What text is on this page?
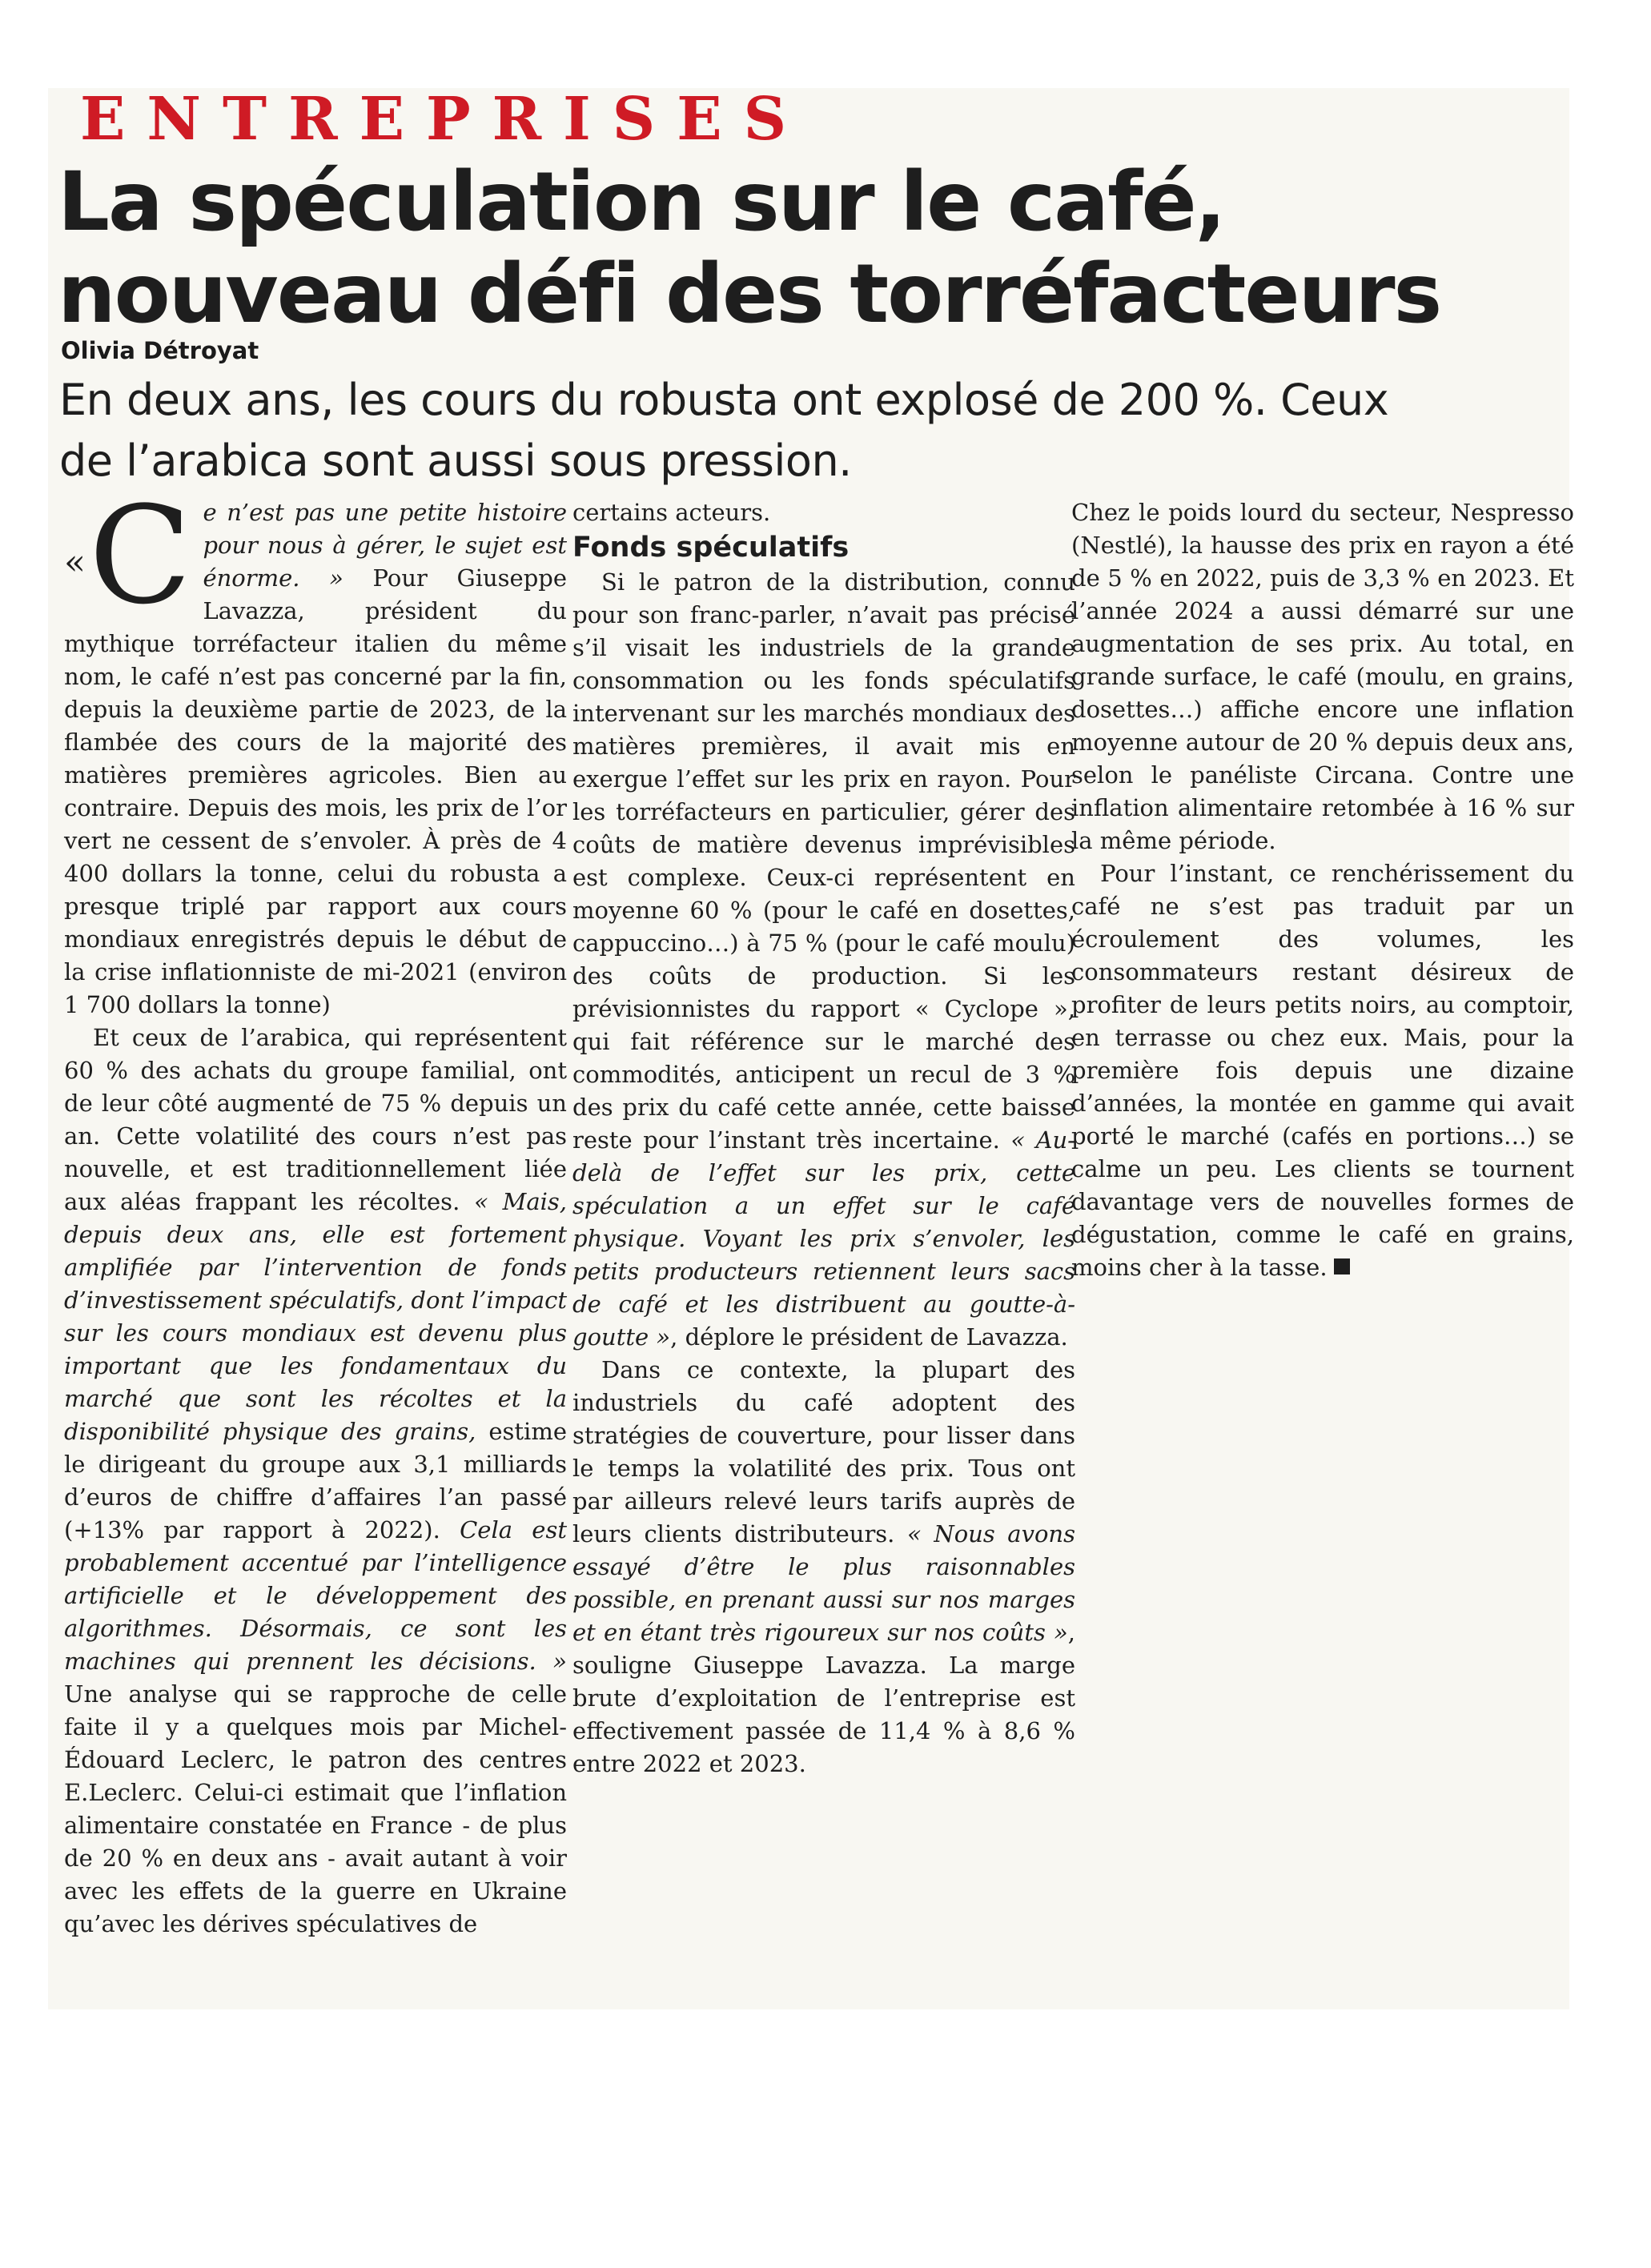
ENTREPRISES
La spéculation sur le café,
nouveau défi des torréfacteurs
Olivia Détroyat
En deux ans, les cours du robusta ont explosé de 200 %. Ceux
de l’arabica sont aussi sous pression.

« C e n’est pas une petite histoire pour nous à gérer, le sujet est énorme. » Pour Giuseppe Lavazza, président du mythique torréfacteur italien du même nom, le café n’est pas concerné par la fin, depuis la deuxième partie de 2023, de la flambée des cours de la majorité des matières premières agricoles. Bien au contraire. Depuis des mois, les prix de l’or vert ne cessent de s’envoler. À près de 4 400 dollars la tonne, celui du robusta a presque triplé par rapport aux cours mondiaux enregistrés depuis le début de la crise inflationniste de mi-2021 (environ 1 700 dollars la tonne)

Et ceux de l’arabica, qui représentent 60 % des achats du groupe familial, ont de leur côté augmenté de 75 % depuis un an. Cette volatilité des cours n’est pas nouvelle, et est traditionnellement liée aux aléas frappant les récoltes. « Mais, depuis deux ans, elle est fortement amplifiée par l’intervention de fonds d’investissement spéculatifs, dont l’impact sur les cours mondiaux est devenu plus important que les fondamentaux du marché que sont les récoltes et la disponibilité physique des grains, estime le dirigeant du groupe aux 3,1 milliards d’euros de chiffre d’affaires l’an passé (+13% par rapport à 2022). Cela est probablement accentué par l’intelligence artificielle et le développement des algorithmes. Désormais, ce sont les machines qui prennent les décisions. » Une analyse qui se rapproche de celle faite il y a quelques mois par Michel-Édouard Leclerc, le patron des centres E.Leclerc. Celui-ci estimait que l’inflation alimentaire constatée en France - de plus de 20 % en deux ans - avait autant à voir avec les effets de la guerre en Ukraine qu’avec les dérives spéculatives de

certains acteurs.

Fonds spéculatifs

Si le patron de la distribution, connu pour son franc-parler, n’avait pas précisé s’il visait les industriels de la grande consommation ou les fonds spéculatifs intervenant sur les marchés mondiaux des matières premières, il avait mis en exergue l’effet sur les prix en rayon. Pour les torréfacteurs en particulier, gérer des coûts de matière devenus imprévisibles est complexe. Ceux-ci représentent en moyenne 60 % (pour le café en dosettes, cappuccino…) à 75 % (pour le café moulu) des coûts de production. Si les prévisionnistes du rapport « Cyclope », qui fait référence sur le marché des commodités, anticipent un recul de 3 % des prix du café cette année, cette baisse reste pour l’instant très incertaine. « Au-delà de l’effet sur les prix, cette spéculation a un effet sur le café physique. Voyant les prix s’envoler, les petits producteurs retiennent leurs sacs de café et les distribuent au goutte-à-goutte », déplore le président de Lavazza.

Dans ce contexte, la plupart des industriels du café adoptent des stratégies de couverture, pour lisser dans le temps la volatilité des prix. Tous ont par ailleurs relevé leurs tarifs auprès de leurs clients distributeurs. « Nous avons essayé d’être le plus raisonnables possible, en prenant aussi sur nos marges et en étant très rigoureux sur nos coûts », souligne Giuseppe Lavazza. La marge brute d’exploitation de l’entreprise est effectivement passée de 11,4 % à 8,6 % entre 2022 et 2023.

Chez le poids lourd du secteur, Nespresso (Nestlé), la hausse des prix en rayon a été de 5 % en 2022, puis de 3,3 % en 2023. Et l’année 2024 a aussi démarré sur une augmentation de ses prix. Au total, en grande surface, le café (moulu, en grains, dosettes…) affiche encore une inflation moyenne autour de 20 % depuis deux ans, selon le panéliste Circana. Contre une inflation alimentaire retombée à 16 % sur la même période.

Pour l’instant, ce renchérissement du café ne s’est pas traduit par un écroulement des volumes, les consommateurs restant désireux de profiter de leurs petits noirs, au comptoir, en terrasse ou chez eux. Mais, pour la première fois depuis une dizaine d’années, la montée en gamme qui avait porté le marché (cafés en portions…) se calme un peu. Les clients se tournent davantage vers de nouvelles formes de dégustation, comme le café en grains, moins cher à la tasse.
